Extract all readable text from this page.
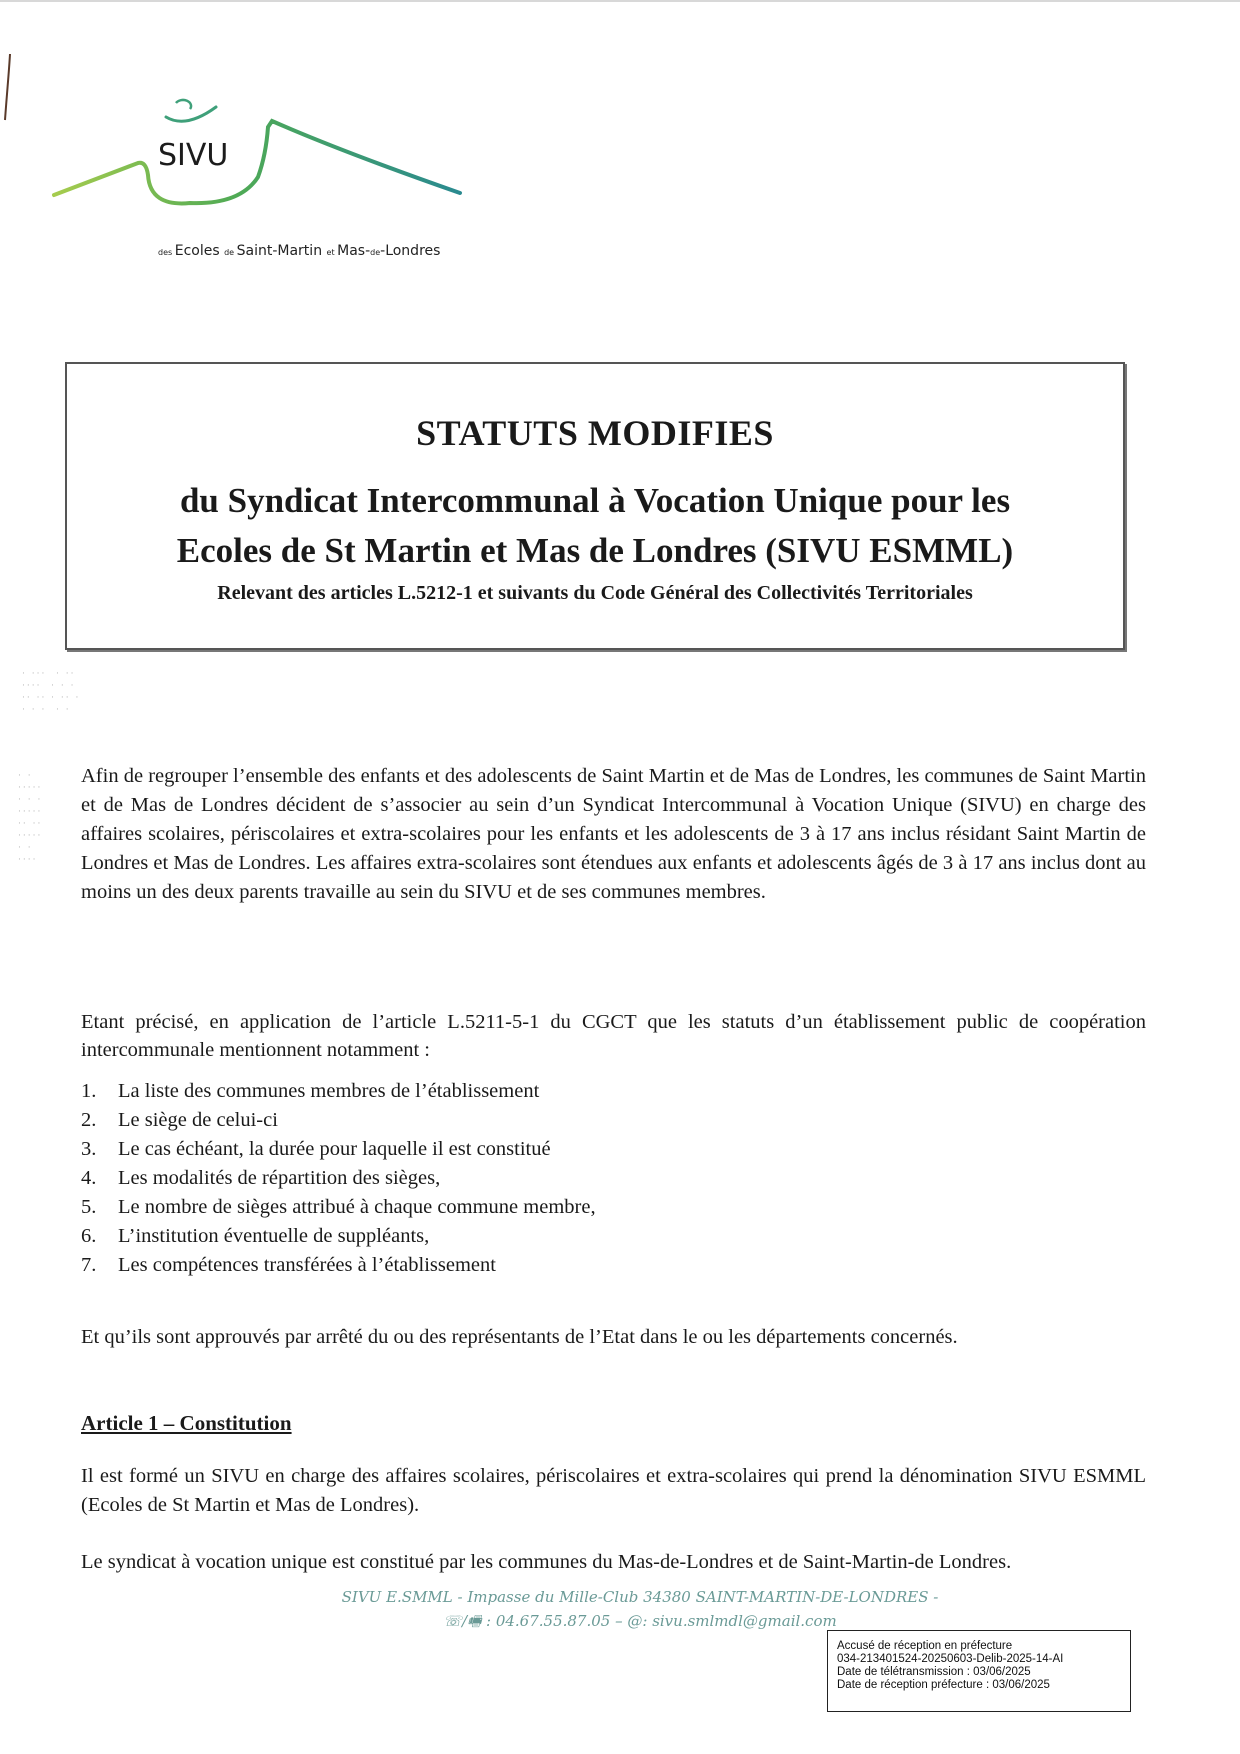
SIVU
des Ecoles de Saint-Martin et Mas-de-Londres
STATUTS MODIFIES
du Syndicat Intercommunal à Vocation Unique pour les
Ecoles de St Martin et Mas de Londres (SIVU ESMML)
Relevant des articles L.5212-1 et suivants du Code Général des Collectivités Territoriales
· ···  · ··
····  · · ·
·· ·· · ·· ·
· · ·  · ·
· ·
·····
· · ·
·····
·· ··
·····
· ·
····

Afin de regrouper l’ensemble des enfants et des adolescents de Saint Martin et de Mas de Londres, les communes de Saint Martin et de Mas de Londres décident de s’associer au sein d’un Syndicat Intercommunal à Vocation Unique (SIVU) en charge des affaires scolaires, périscolaires et extra-scolaires pour les enfants et les adolescents de 3 à 17 ans inclus résidant Saint Martin de Londres et Mas de Londres. Les affaires extra-scolaires sont étendues aux enfants et adolescents âgés de 3 à 17 ans inclus dont au moins un des deux parents travaille au sein du SIVU et de ses communes membres.

Etant précisé, en application de l’article L.5211-5-1 du CGCT que les statuts d’un établissement public de coopération intercommunale mentionnent notamment :
1.	La liste des communes membres de l’établissement
2.	Le siège de celui-ci
3.	Le cas échéant, la durée pour laquelle il est constitué
4.	Les modalités de répartition des sièges,
5.	Le nombre de sièges attribué à chaque commune membre,
6.	L’institution éventuelle de suppléants,
7.	Les compétences transférées à l’établissement
Et qu’ils sont approuvés par arrêté du ou des représentants de l’Etat dans le ou les départements concernés.
Article 1 – Constitution
Il est formé un SIVU en charge des affaires scolaires, périscolaires et extra-scolaires qui prend la dénomination SIVU ESMML (Ecoles de St Martin et Mas de Londres).
Le syndicat à vocation unique est constitué par les communes du Mas-de-Londres et de Saint-Martin-de Londres.
SIVU E.SMML - Impasse du Mille-Club 34380 SAINT-MARTIN-DE-LONDRES -
☏/🖷 : 04.67.55.87.05 – @: sivu.smlmdl@gmail.com
Accusé de réception en préfecture
034-213401524-20250603-Delib-2025-14-AI
Date de télétransmission : 03/06/2025
Date de réception préfecture : 03/06/2025
